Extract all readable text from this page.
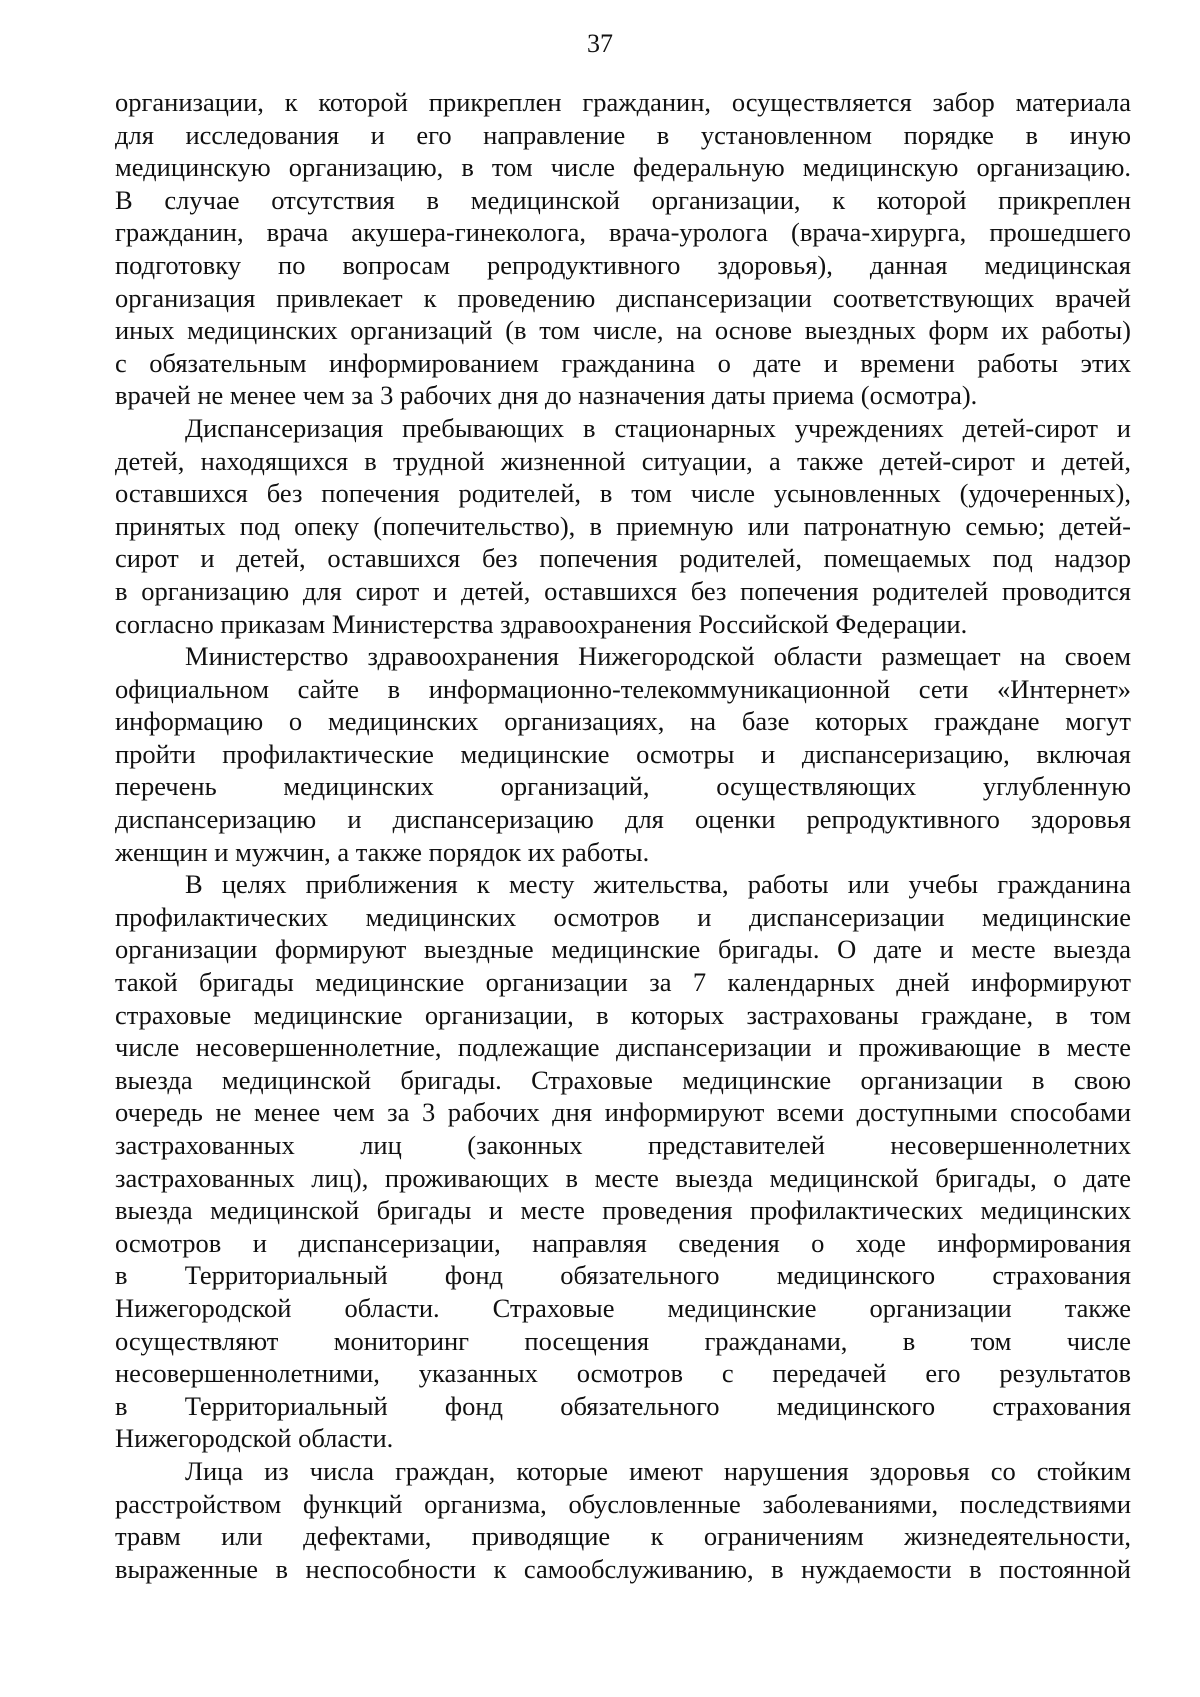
37

организации, к которой прикреплен гражданин, осуществляется забор материала

для исследования и его направление в установленном порядке в иную

медицинскую организацию, в том числе федеральную медицинскую организацию.

В случае отсутствия в медицинской организации, к которой прикреплен

гражданин, врача акушера-гинеколога, врача-уролога (врача-хирурга, прошедшего

подготовку по вопросам репродуктивного здоровья), данная медицинская

организация привлекает к проведению диспансеризации соответствующих врачей

иных медицинских организаций (в том числе, на основе выездных форм их работы)

с обязательным информированием гражданина о дате и времени работы этих

врачей не менее чем за 3 рабочих дня до назначения даты приема (осмотра).

Диспансеризация пребывающих в стационарных учреждениях детей-сирот и

детей, находящихся в трудной жизненной ситуации, а также детей-сирот и детей,

оставшихся без попечения родителей, в том числе усыновленных (удочеренных),

принятых под опеку (попечительство), в приемную или патронатную семью; детей-

сирот и детей, оставшихся без попечения родителей, помещаемых под надзор

в организацию для сирот и детей, оставшихся без попечения родителей проводится

согласно приказам Министерства здравоохранения Российской Федерации.

Министерство здравоохранения Нижегородской области размещает на своем

официальном сайте в информационно-телекоммуникационной сети «Интернет»

информацию о медицинских организациях, на базе которых граждане могут

пройти профилактические медицинские осмотры и диспансеризацию, включая

перечень медицинских организаций, осуществляющих углубленную

диспансеризацию и диспансеризацию для оценки репродуктивного здоровья

женщин и мужчин, а также порядок их работы.

В целях приближения к месту жительства, работы или учебы гражданина

профилактических медицинских осмотров и диспансеризации медицинские

организации формируют выездные медицинские бригады. О дате и месте выезда

такой бригады медицинские организации за 7 календарных дней информируют

страховые медицинские организации, в которых застрахованы граждане, в том

числе несовершеннолетние, подлежащие диспансеризации и проживающие в месте

выезда медицинской бригады. Страховые медицинские организации в свою

очередь не менее чем за 3 рабочих дня информируют всеми доступными способами

застрахованных лиц (законных представителей несовершеннолетних

застрахованных лиц), проживающих в месте выезда медицинской бригады, о дате

выезда медицинской бригады и месте проведения профилактических медицинских

осмотров и диспансеризации, направляя сведения о ходе информирования

в Территориальный фонд обязательного медицинского страхования

Нижегородской области. Страховые медицинские организации также

осуществляют мониторинг посещения гражданами, в том числе

несовершеннолетними, указанных осмотров с передачей его результатов

в Территориальный фонд обязательного медицинского страхования

Нижегородской области.

Лица из числа граждан, которые имеют нарушения здоровья со стойким

расстройством функций организма, обусловленные заболеваниями, последствиями

травм или дефектами, приводящие к ограничениям жизнедеятельности,

выраженные в неспособности к самообслуживанию, в нуждаемости в постоянной
